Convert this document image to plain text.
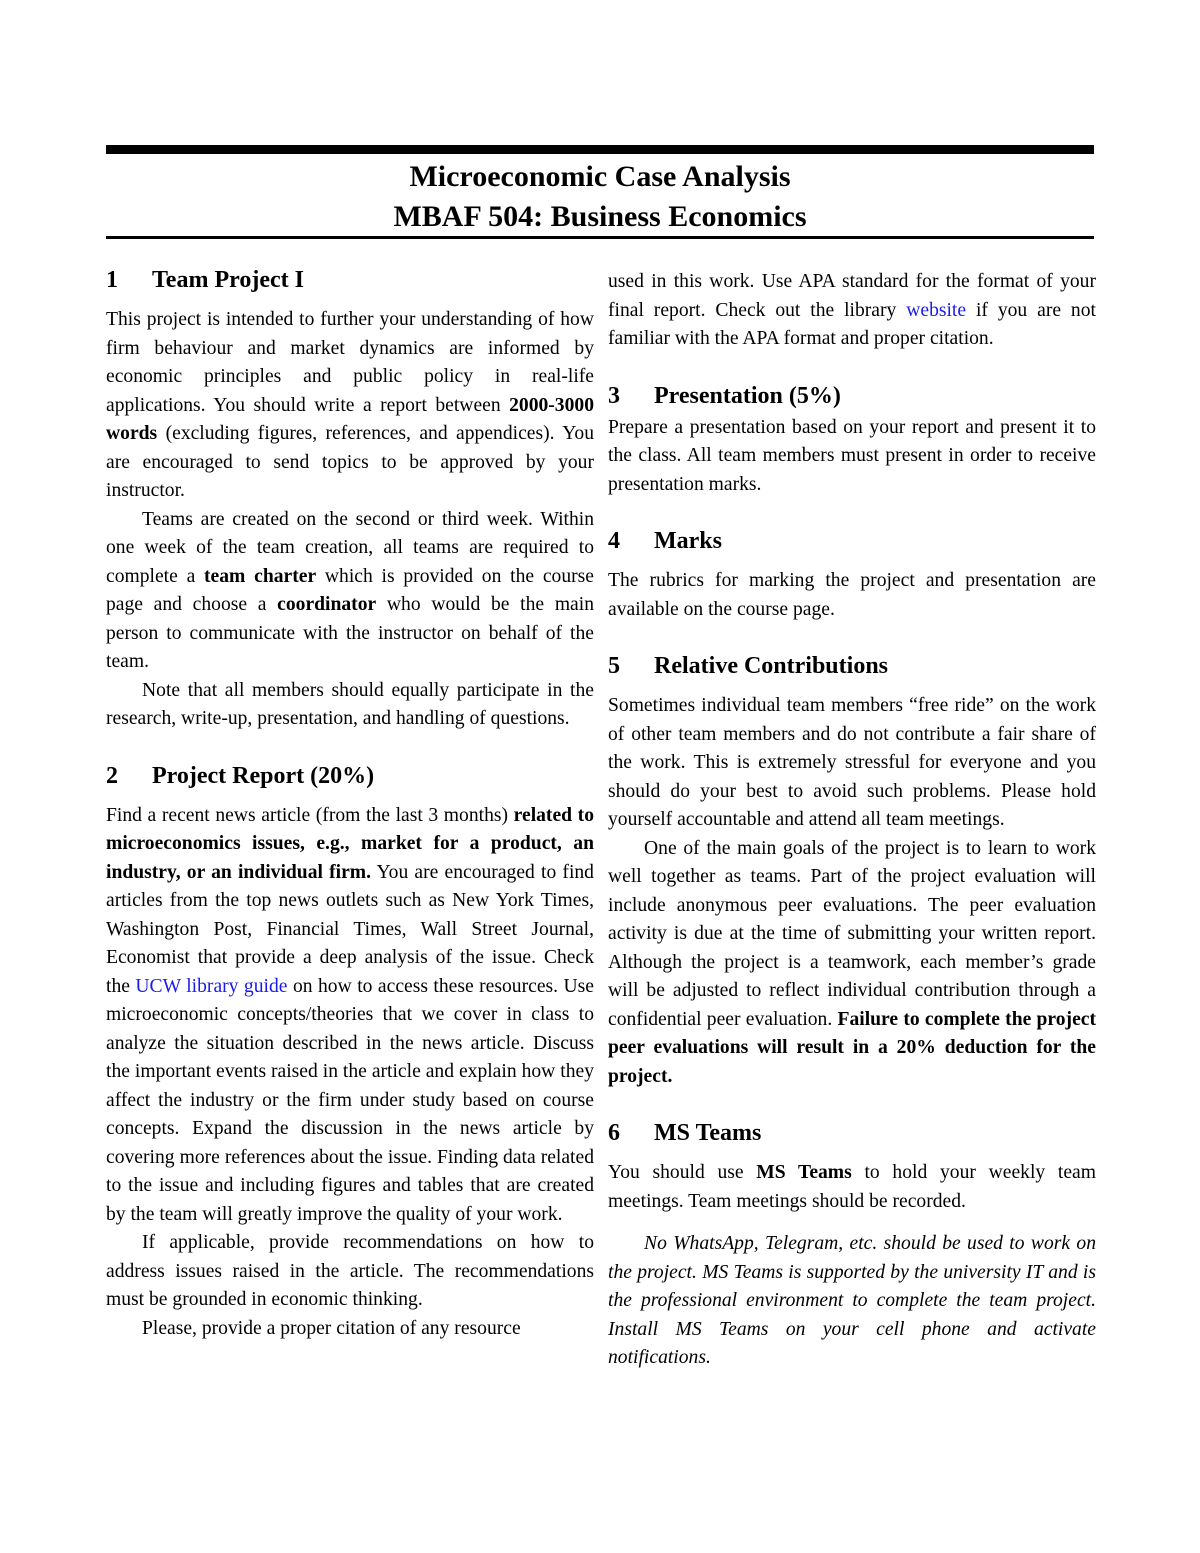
Microeconomic Case Analysis
MBAF 504: Business Economics
1 Team Project I

This project is intended to further your understanding of how firm behaviour and market dynamics are informed by economic principles and public policy in real-life applications. You should write a report between 2000-3000 words (excluding figures, references, and appendices). You are encouraged to send topics to be approved by your instructor.

Teams are created on the second or third week. Within one week of the team creation, all teams are required to complete a team charter which is provided on the course page and choose a coordinator who would be the main person to communicate with the instructor on behalf of the team.

Note that all members should equally participate in the research, write-up, presentation, and handling of questions.

2 Project Report (20%)

Find a recent news article (from the last 3 months) related to microeconomics issues, e.g., market for a product, an industry, or an individual firm. You are encouraged to find articles from the top news outlets such as New York Times, Washington Post, Financial Times, Wall Street Journal, Economist that provide a deep analysis of the issue. Check the UCW library guide on how to access these resources. Use microeconomic concepts/theories that we cover in class to analyze the situation described in the news article. Discuss the important events raised in the article and explain how they affect the industry or the firm under study based on course concepts. Expand the discussion in the news article by covering more references about the issue. Finding data related to the issue and including figures and tables that are created by the team will greatly improve the quality of your work.

If applicable, provide recommendations on how to address issues raised in the article. The recommendations must be grounded in economic thinking.

Please, provide a proper citation of any resource

used in this work. Use APA standard for the format of your final report. Check out the library website if you are not familiar with the APA format and proper citation.

3 Presentation (5%)

Prepare a presentation based on your report and present it to the class. All team members must present in order to receive presentation marks.

4 Marks

The rubrics for marking the project and presentation are available on the course page.

5 Relative Contributions

Sometimes individual team members “free ride” on the work of other team members and do not contribute a fair share of the work. This is extremely stressful for everyone and you should do your best to avoid such problems. Please hold yourself accountable and attend all team meetings.

One of the main goals of the project is to learn to work well together as teams. Part of the project evaluation will include anonymous peer evaluations. The peer evaluation activity is due at the time of submitting your written report. Although the project is a teamwork, each member’s grade will be adjusted to reflect individual contribution through a confidential peer evaluation. Failure to complete the project peer evaluations will result in a 20% deduction for the project.

6 MS Teams

You should use MS Teams to hold your weekly team meetings. Team meetings should be recorded.

No WhatsApp, Telegram, etc. should be used to work on the project. MS Teams is supported by the university IT and is the professional environment to complete the team project. Install MS Teams on your cell phone and activate notifications.
